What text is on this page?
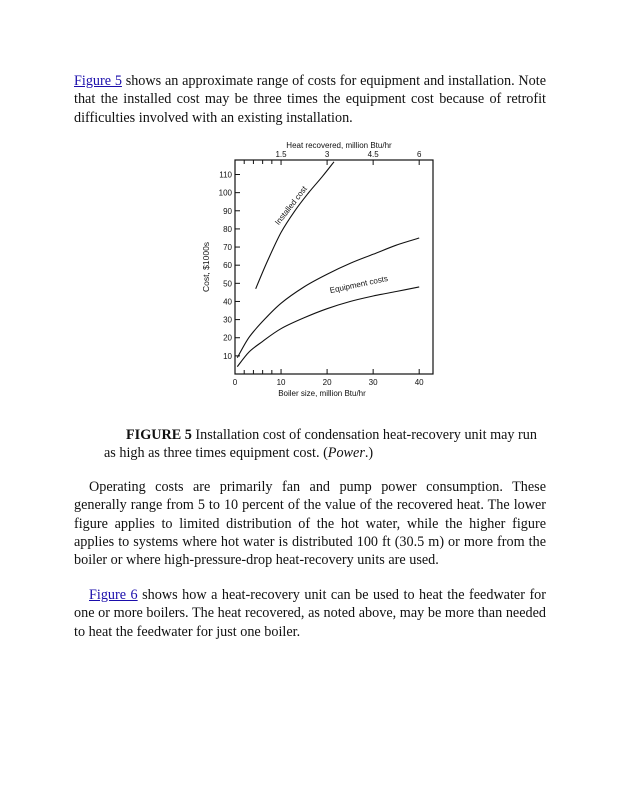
Figure 5 shows an approximate range of costs for equipment and installation. Note that the installed cost may be three times the equipment cost because of retrofit difficulties involved with an existing installation.

10
20
30
40
50
60
70
80
90
100
110
0	10	20	30	40
1.5	3	4.5	6
Heat recovered, million Btu/hr
Boiler size, million Btu/hr
Cost, $1000s
Installed cost
Equipment costs

FIGURE 5 Installation cost of condensation heat-recovery unit may run as high as three times equipment cost. (Power.)

Operating costs are primarily fan and pump power consumption. These generally range from 5 to 10 percent of the value of the recovered heat. The lower figure applies to limited distribution of the hot water, while the higher figure applies to systems where hot water is distributed 100 ft (30.5 m) or more from the boiler or where high-pressure-drop heat-recovery units are used.

Figure 6 shows how a heat-recovery unit can be used to heat the feedwater for one or more boilers. The heat recovered, as noted above, may be more than needed to heat the feedwater for just one boiler.
